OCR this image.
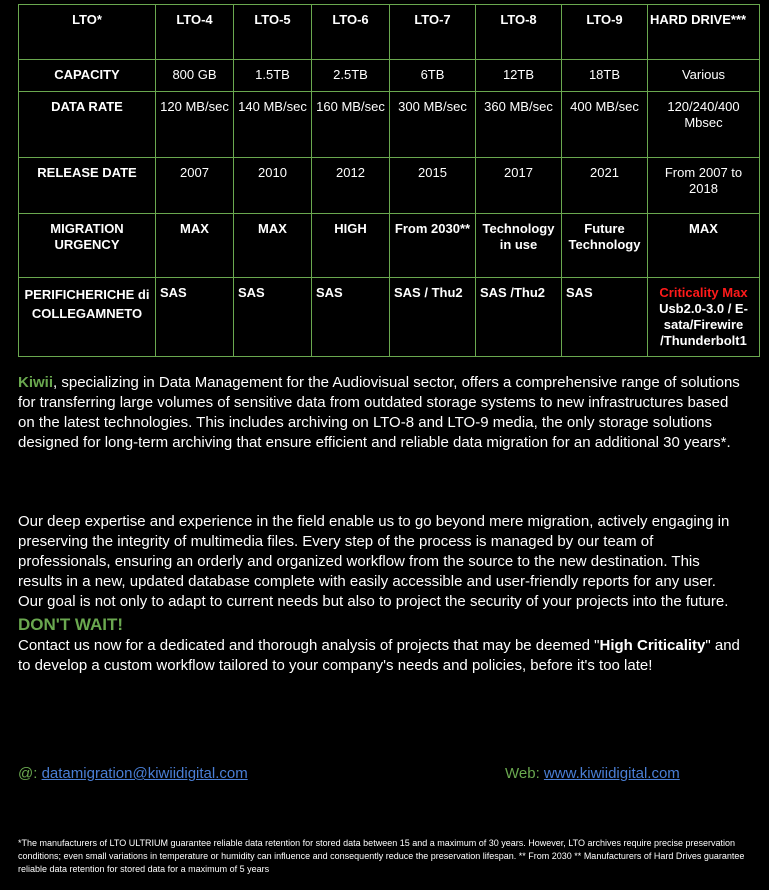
LTO*	LTO-4	LTO-5	LTO-6	LTO-7	LTO-8	LTO-9	HARD DRIVE***
CAPACITY	800 GB	1.5TB	2.5TB	6TB	12TB	18TB	Various
DATA RATE	120 MB/sec	140 MB/sec	160 MB/sec	300 MB/sec	360 MB/sec	400 MB/sec	120/240/400 Mbsec
RELEASE DATE	2007	2010	2012	2015	2017	2021	From 2007 to 2018
MIGRATION URGENCY	MAX	MAX	HIGH	From 2030**	Technology in use	Future Technology	MAX
PERIFICHERICHE di COLLEGAMNETO	SAS	SAS	SAS	SAS / Thu2	SAS /Thu2	SAS	Criticality Max
Usb2.0-3.0 / E-sata/Firewire /Thunderbolt1

Kiwii, specializing in Data Management for the Audiovisual sector, offers a comprehensive range of solutions for transferring large volumes of sensitive data from outdated storage systems to new infrastructures based on the latest technologies. This includes archiving on LTO-8 and LTO-9 media, the only storage solutions designed for long-term archiving that ensure efficient and reliable data migration for an additional 30 years*.

Our deep expertise and experience in the field enable us to go beyond mere migration, actively engaging in preserving the integrity of multimedia files. Every step of the process is managed by our team of professionals, ensuring an orderly and organized workflow from the source to the new destination. This results in a new, updated database complete with easily accessible and user-friendly reports for any user.

Our goal is not only to adapt to current needs but also to project the security of your projects into the future.

DON'T WAIT!

Contact us now for a dedicated and thorough analysis of projects that may be deemed "High Criticality" and to develop a custom workflow tailored to your company's needs and policies, before it's too late!

@: datamigration@kiwiidigital.com	Web: www.kiwiidigital.com
*The manufacturers of LTO ULTRIUM guarantee reliable data retention for stored data between 15 and a maximum of 30 years. However, LTO archives require precise preservation conditions; even small variations in temperature or humidity can influence and consequently reduce the preservation lifespan. ** From 2030 ** Manufacturers of Hard Drives guarantee reliable data retention for stored data for a maximum of 5 years
